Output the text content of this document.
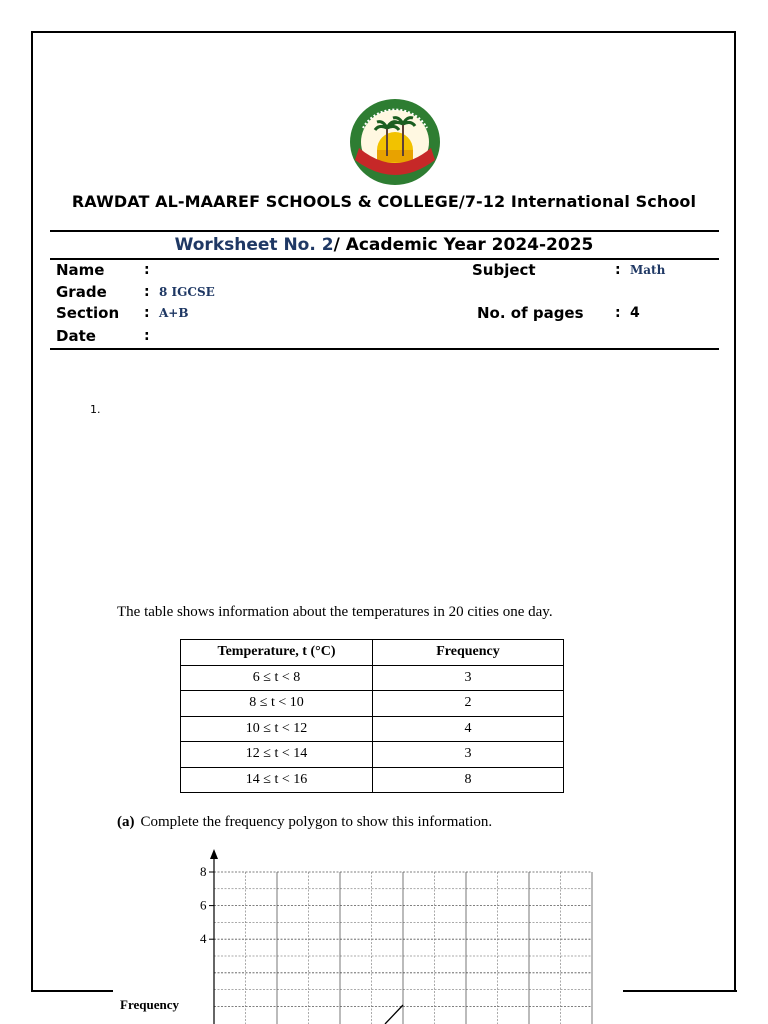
RAWDAT AL-MAAREF SCHOOLS & COLLEGE/7-12 International School
Worksheet No. 2/ Academic Year 2024-2025
Name	:	Subject	: Math
Grade	: 8 IGCSE
Section : A+B	No. of pages : 4
Date	:
1.
The table shows information about the temperatures in 20 cities one day.
Temperature, t (°C)	Frequency
6 ≤ t < 8	3
8 ≤ t < 10	2
10 ≤ t < 12	4
12 ≤ t < 14	3
14 ≤ t < 16	8
(a) Complete the frequency polygon to show this information.
8
6
4
Frequency
